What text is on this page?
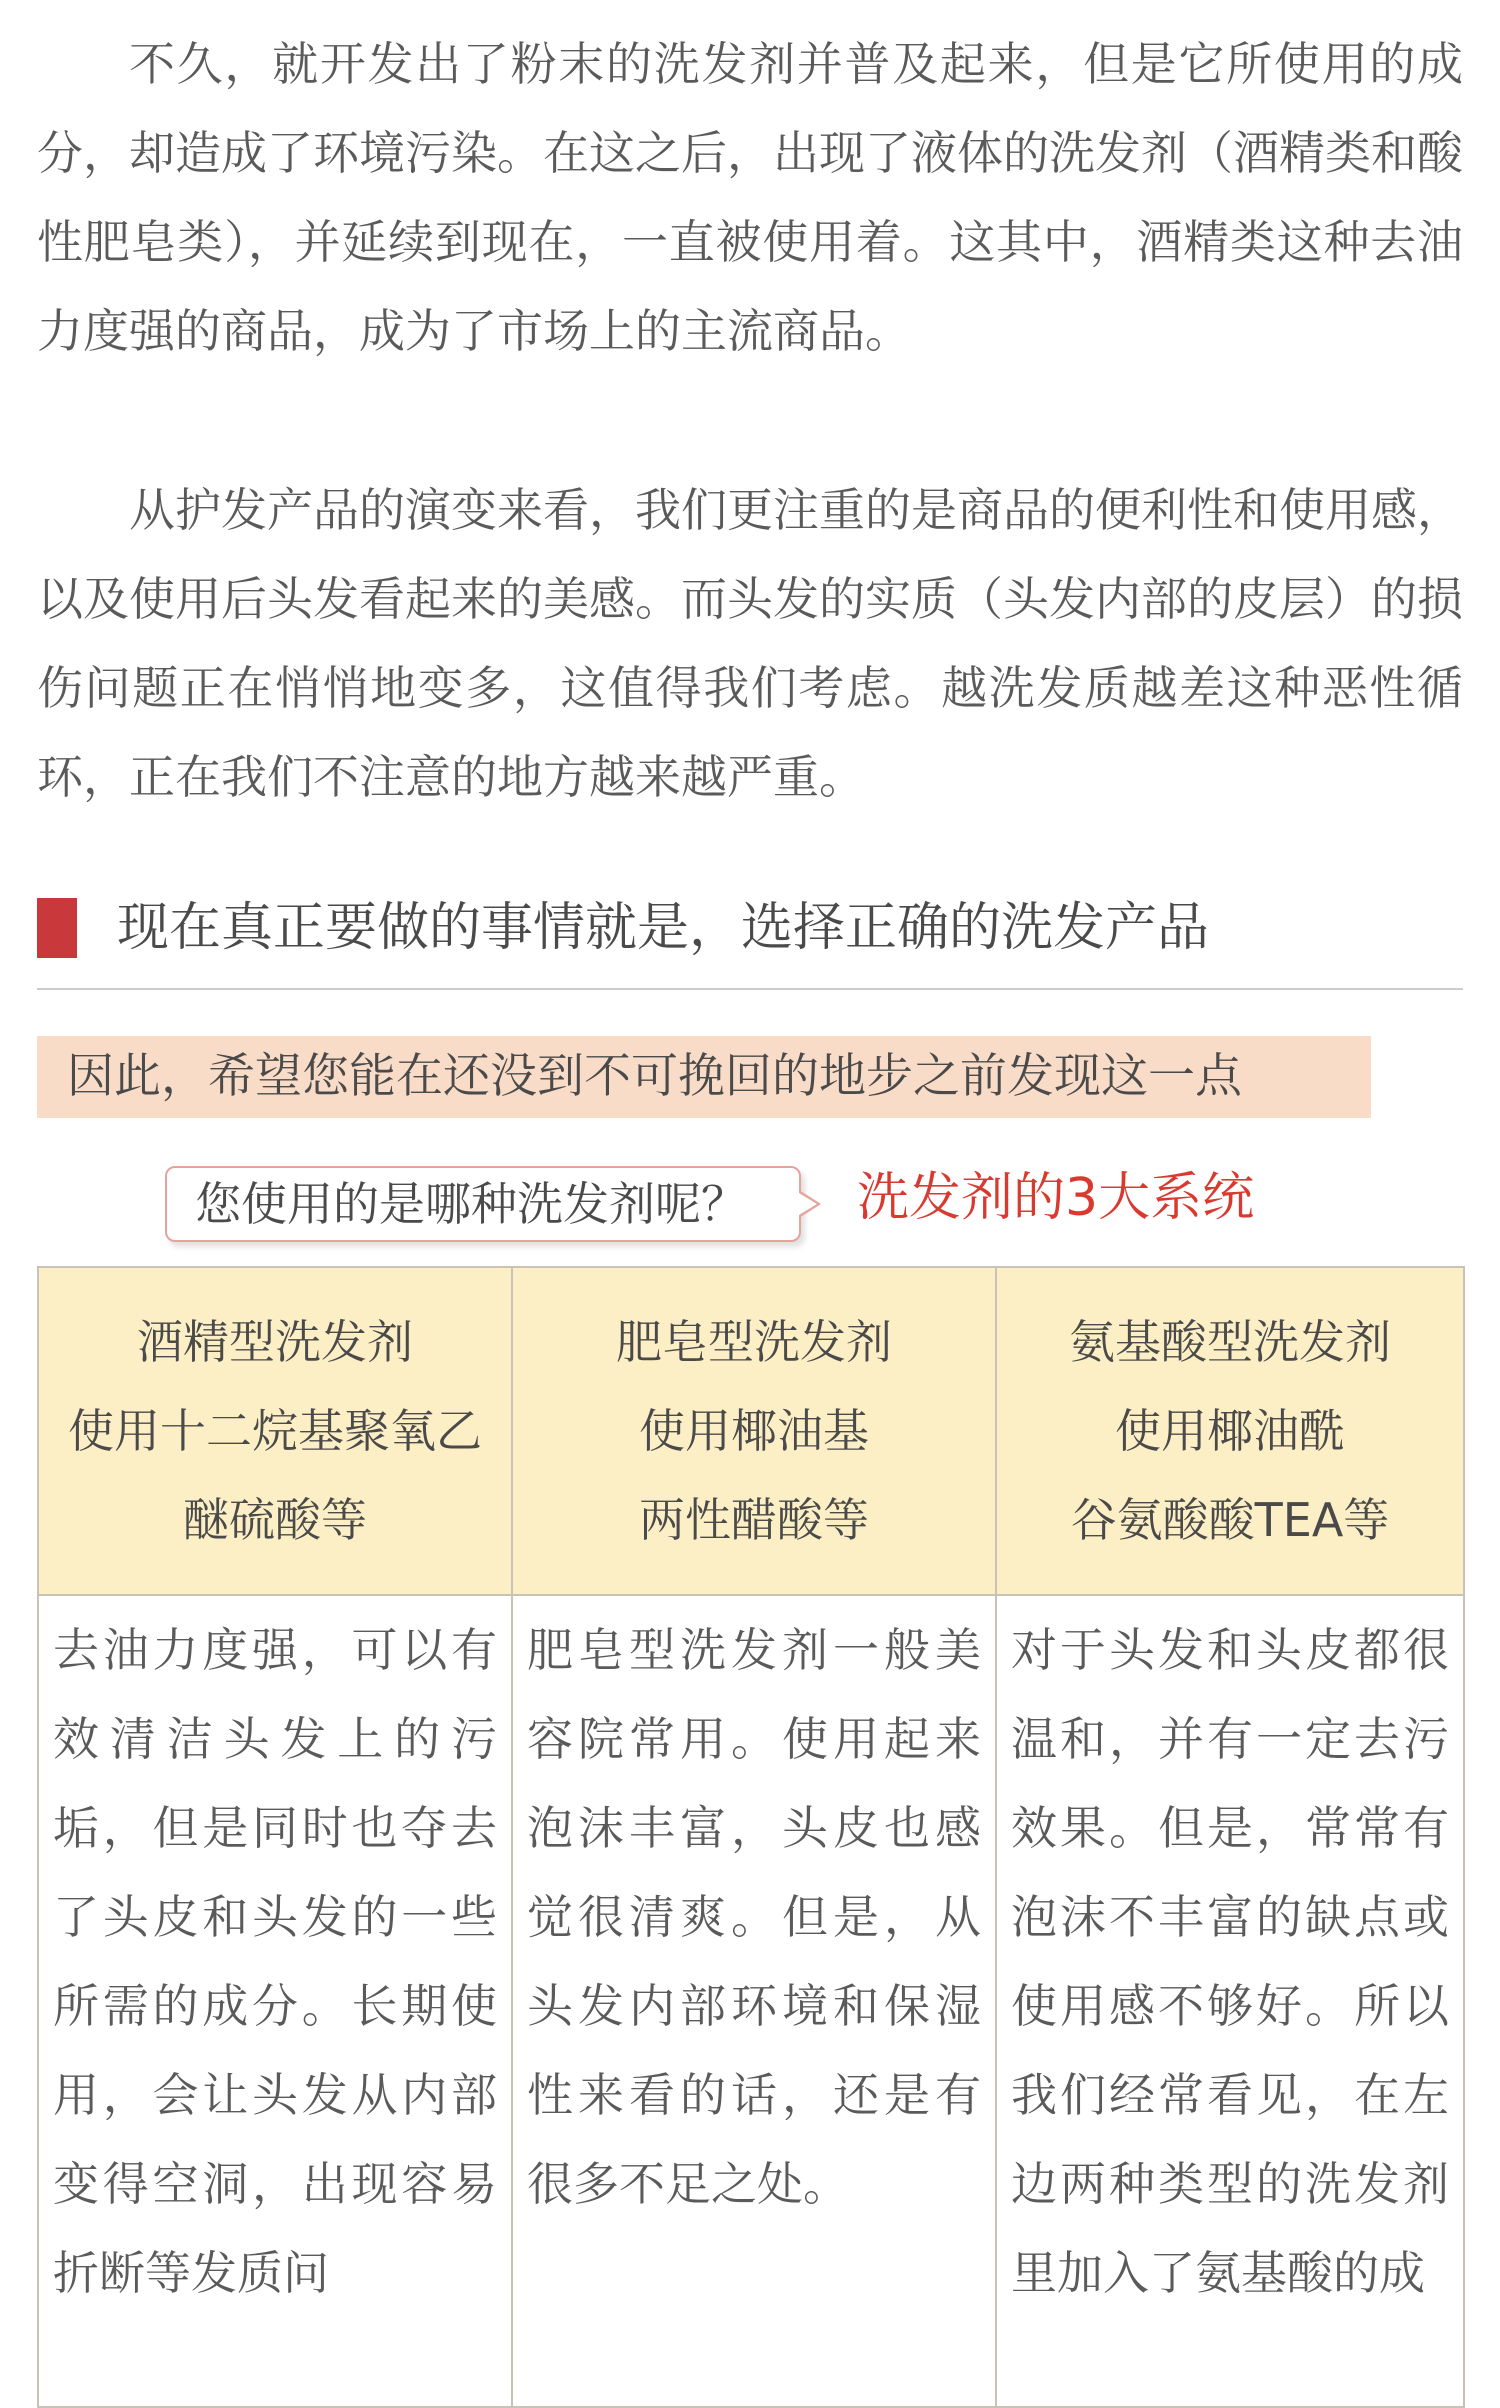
不久，就开发出了粉末的洗发剂并普及起来，但是它所使用的成分，却造成了环境污染。在这之后，出现了液体的洗发剂（酒精类和酸性肥皂类），并延续到现在，一直被使用着。这其中，酒精类这种去油力度强的商品，成为了市场上的主流商品。

从护发产品的演变来看，我们更注重的是商品的便利性和使用感，以及使用后头发看起来的美感。而头发的实质（头发内部的皮层）的损伤问题正在悄悄地变多，这值得我们考虑。越洗发质越差这种恶性循环，正在我们不注意的地方越来越严重。

现在真正要做的事情就是，选择正确的洗发产品
因此，希望您能在还没到不可挽回的地步之前发现这一点
您使用的是哪种洗发剂呢？ 洗发剂的3大系统
酒精型洗发剂
使用十二烷基聚氧乙
醚硫酸等	肥皂型洗发剂
使用椰油基
两性醋酸等	氨基酸型洗发剂
使用椰油酰
谷氨酸酸TEA等

去油力度强，可以有效清洁头发上的污垢，但是同时也夺去了头皮和头发的一些所需的成分。长期使用，会让头发从内部变得空洞，出现容易折断等发质问	肥皂型洗发剂一般美容院常用。使用起来泡沫丰富，头皮也感觉很清爽。但是，从头发内部环境和保湿性来看的话，还是有很多不足之处。	对于头发和头皮都很温和，并有一定去污效果。但是，常常有泡沫不丰富的缺点或使用感不够好。所以我们经常看见，在左边两种类型的洗发剂里加入了氨基酸的成
